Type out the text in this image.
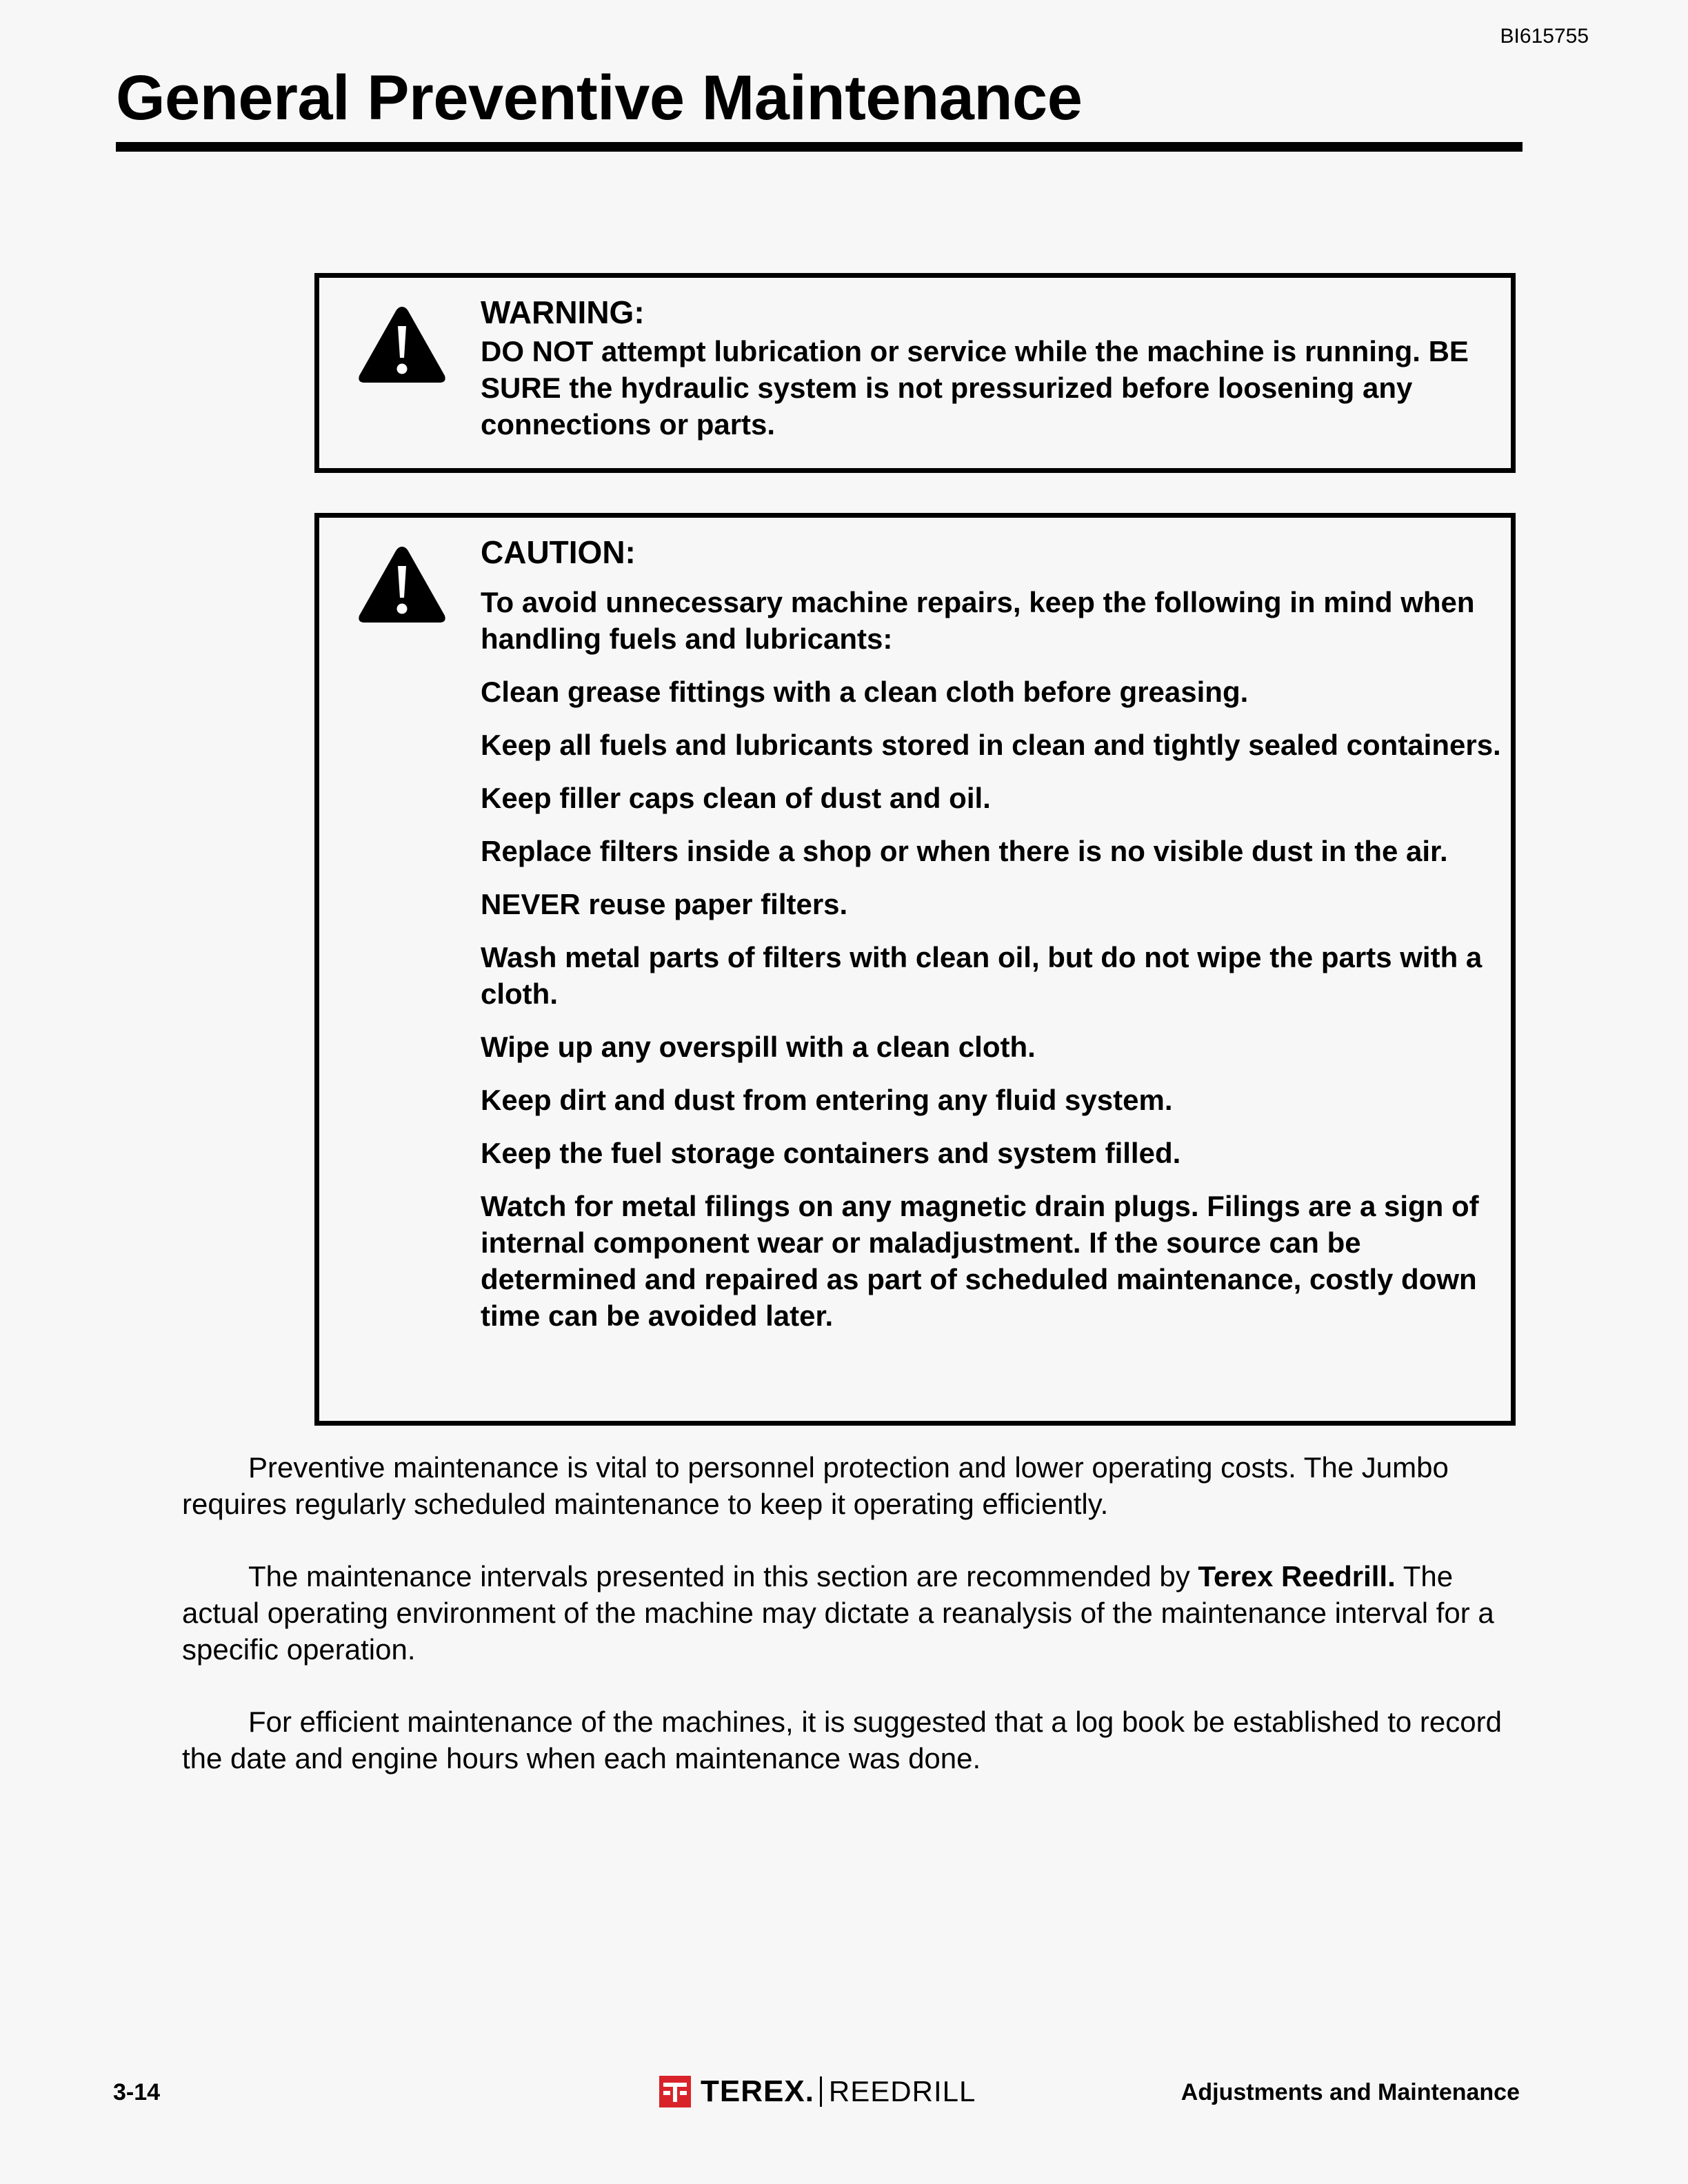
BI615755
General Preventive Maintenance
WARNING:

DO NOT attempt lubrication or service while the machine is running. BE SURE the hydraulic system is not pressurized before loosening any connections or parts.

CAUTION:

To avoid unnecessary machine repairs, keep the following in mind when handling fuels and lubricants:

Clean grease fittings with a clean cloth before greasing.

Keep all fuels and lubricants stored in clean and tightly sealed containers.

Keep filler caps clean of dust and oil.

Replace filters inside a shop or when there is no visible dust in the air.

NEVER reuse paper filters.

Wash metal parts of filters with clean oil, but do not wipe the parts with a cloth.

Wipe up any overspill with a clean cloth.

Keep dirt and dust from entering any fluid system.

Keep the fuel storage containers and system filled.

Watch for metal filings on any magnetic drain plugs. Filings are a sign of internal component wear or maladjustment. If the source can be determined and repaired as part of scheduled maintenance, costly down time can be avoided later.

Preventive maintenance is vital to personnel protection and lower operating costs. The Jumbo requires regularly scheduled maintenance to keep it operating efficiently.

The maintenance intervals presented in this section are recommended by Terex Reedrill. The actual operating environment of the machine may dictate a reanalysis of the maintenance interval for a specific operation.

For efficient maintenance of the machines, it is suggested that a log book be established to record the date and engine hours when each maintenance was done.

3-14	TEREX. REEDRILL	Adjustments and Maintenance
